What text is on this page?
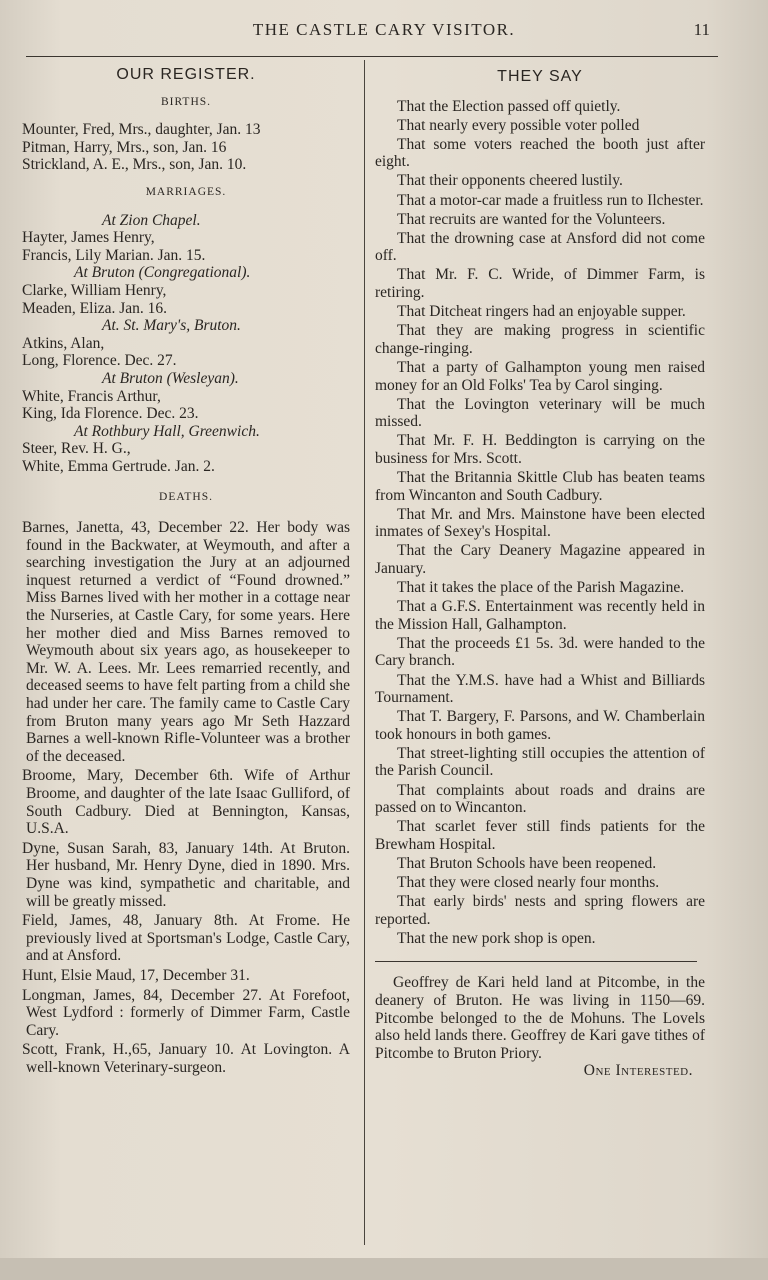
THE CASTLE CARY VISITOR.	11
OUR REGISTER.
BIRTHS.
Mounter, Fred, Mrs., daughter, Jan. 13
Pitman, Harry, Mrs., son, Jan. 16
Strickland, A. E., Mrs., son, Jan. 10.
MARRIAGES.
At Zion Chapel.
Hayter, James Henry,
Francis, Lily Marian. Jan. 15.
At Bruton (Congregational).
Clarke, William Henry,
Meaden, Eliza. Jan. 16.
At. St. Mary's, Bruton.
Atkins, Alan,
Long, Florence. Dec. 27.
At Bruton (Wesleyan).
White, Francis Arthur,
King, Ida Florence. Dec. 23.
At Rothbury Hall, Greenwich.
Steer, Rev. H. G.,
White, Emma Gertrude. Jan. 2.
DEATHS.

Barnes, Janetta, 43, December 22. Her body was found in the Backwater, at Weymouth, and after a searching investigation the Jury at an adjourned inquest returned a verdict of “Found drowned.” Miss Barnes lived with her mother in a cottage near the Nurseries, at Castle Cary, for some years. Here her mother died and Miss Barnes removed to Weymouth about six years ago, as housekeeper to Mr. W. A. Lees. Mr. Lees remarried recently, and deceased seems to have felt parting from a child she had under her care. The family came to Castle Cary from Bruton many years ago Mr Seth Hazzard Barnes a well-known Rifle-Volunteer was a brother of the deceased.

Broome, Mary, December 6th. Wife of Arthur Broome, and daughter of the late Isaac Gulliford, of South Cadbury. Died at Bennington, Kansas, U.S.A.

Dyne, Susan Sarah, 83, January 14th. At Bruton. Her husband, Mr. Henry Dyne, died in 1890. Mrs. Dyne was kind, sympathetic and charitable, and will be greatly missed.

Field, James, 48, January 8th. At Frome. He previously lived at Sportsman's Lodge, Castle Cary, and at Ansford.

Hunt, Elsie Maud, 17, December 31.

Longman, James, 84, December 27. At Forefoot, West Lydford : formerly of Dimmer Farm, Castle Cary.

Scott, Frank, H.,65, January 10. At Lovington. A well-known Veterinary-surgeon.

THEY SAY

That the Election passed off quietly.

That nearly every possible voter polled

That some voters reached the booth just after eight.

That their opponents cheered lustily.

That a motor-car made a fruitless run to Ilchester.

That recruits are wanted for the Volunteers.

That the drowning case at Ansford did not come off.

That Mr. F. C. Wride, of Dimmer Farm, is retiring.

That Ditcheat ringers had an enjoyable supper.

That they are making progress in scientific change-ringing.

That a party of Galhampton young men raised money for an Old Folks' Tea by Carol singing.

That the Lovington veterinary will be much missed.

That Mr. F. H. Beddington is carrying on the business for Mrs. Scott.

That the Britannia Skittle Club has beaten teams from Wincanton and South Cadbury.

That Mr. and Mrs. Mainstone have been elected inmates of Sexey's Hospital.

That the Cary Deanery Magazine appeared in January.

That it takes the place of the Parish Magazine.

That a G.F.S. Entertainment was recently held in the Mission Hall, Galhampton.

That the proceeds £1 5s. 3d. were handed to the Cary branch.

That the Y.M.S. have had a Whist and Billiards Tournament.

That T. Bargery, F. Parsons, and W. Chamberlain took honours in both games.

That street-lighting still occupies the attention of the Parish Council.

That complaints about roads and drains are passed on to Wincanton.

That scarlet fever still finds patients for the Brewham Hospital.

That Bruton Schools have been reopened.

That they were closed nearly four months.

That early birds' nests and spring flowers are reported.

That the new pork shop is open.

Geoffrey de Kari held land at Pitcombe, in the deanery of Bruton. He was living in 1150—69. Pitcombe belonged to the de Mohuns. The Lovels also held lands there. Geoffrey de Kari gave tithes of Pitcombe to Bruton Priory.

One Interested.
